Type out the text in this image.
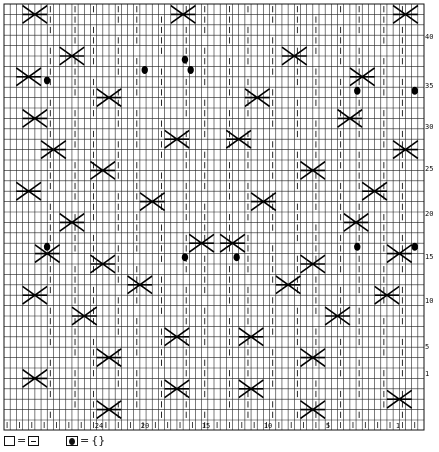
40
35
30
25
20
15
10
5
1
24	20	15	10	5	1
=	= {}
